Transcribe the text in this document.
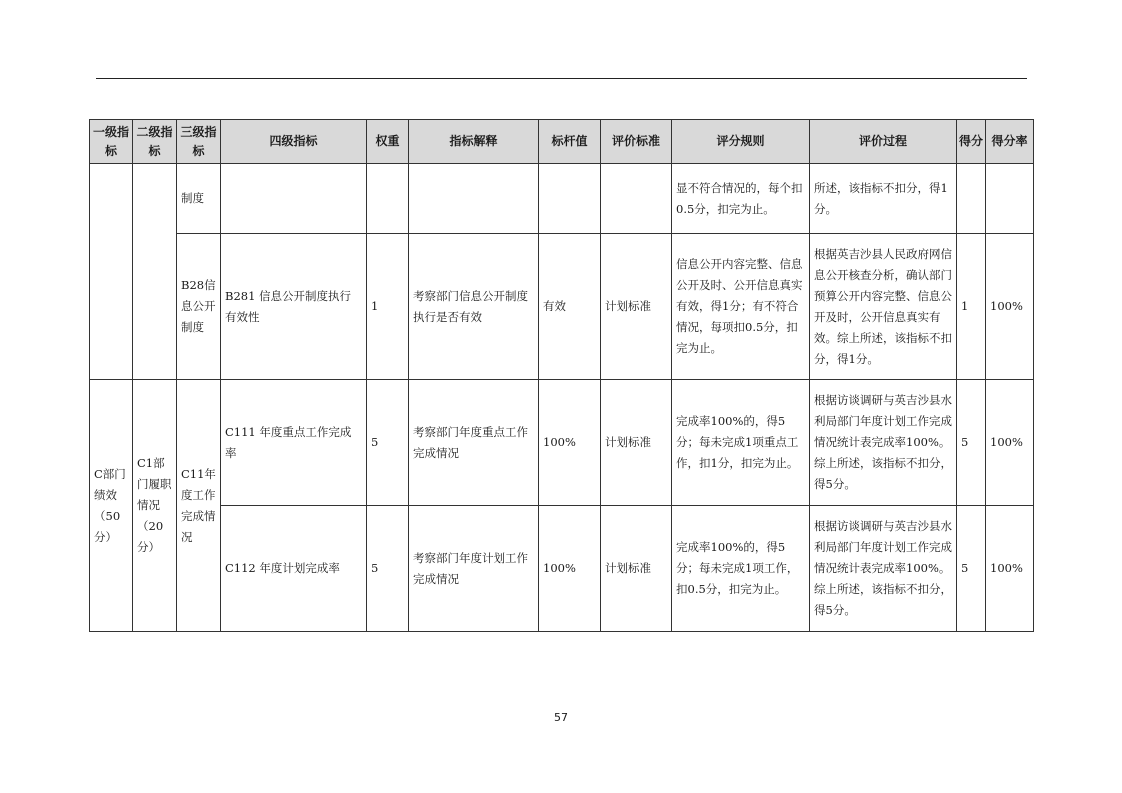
一级指标	二级指标	三级指标	四级指标	权重	指标解释	标杆值	评价标准	评分规则	评价过程	得分	得分率
		制度						显不符合情况的，每个扣0.5分，扣完为止。	所述，该指标不扣分，得1分。		
		B28信息公开制度	B281 信息公开制度执行有效性	1	考察部门信息公开制度执行是否有效	有效	计划标准	信息公开内容完整、信息公开及时、公开信息真实有效，得1分；有不符合情况，每项扣0.5分，扣完为止。	根据英吉沙县人民政府网信息公开核查分析，确认部门预算公开内容完整、信息公开及时，公开信息真实有效。综上所述，该指标不扣分，得1分。	1	100%
C部门绩效（50分）	C1部门履职情况（20分）	C11年度工作完成情况	C111 年度重点工作完成率	5	考察部门年度重点工作完成情况	100%	计划标准	完成率100%的，得5分；每未完成1项重点工作，扣1分，扣完为止。	根据访谈调研与英吉沙县水利局部门年度计划工作完成情况统计表完成率100%。综上所述，该指标不扣分，得5分。	5	100%
			C112 年度计划完成率	5	考察部门年度计划工作完成情况	100%	计划标准	完成率100%的，得5分；每未完成1项工作，扣0.5分，扣完为止。	根据访谈调研与英吉沙县水利局部门年度计划工作完成情况统计表完成率100%。综上所述，该指标不扣分，得5分。	5	100%
57
